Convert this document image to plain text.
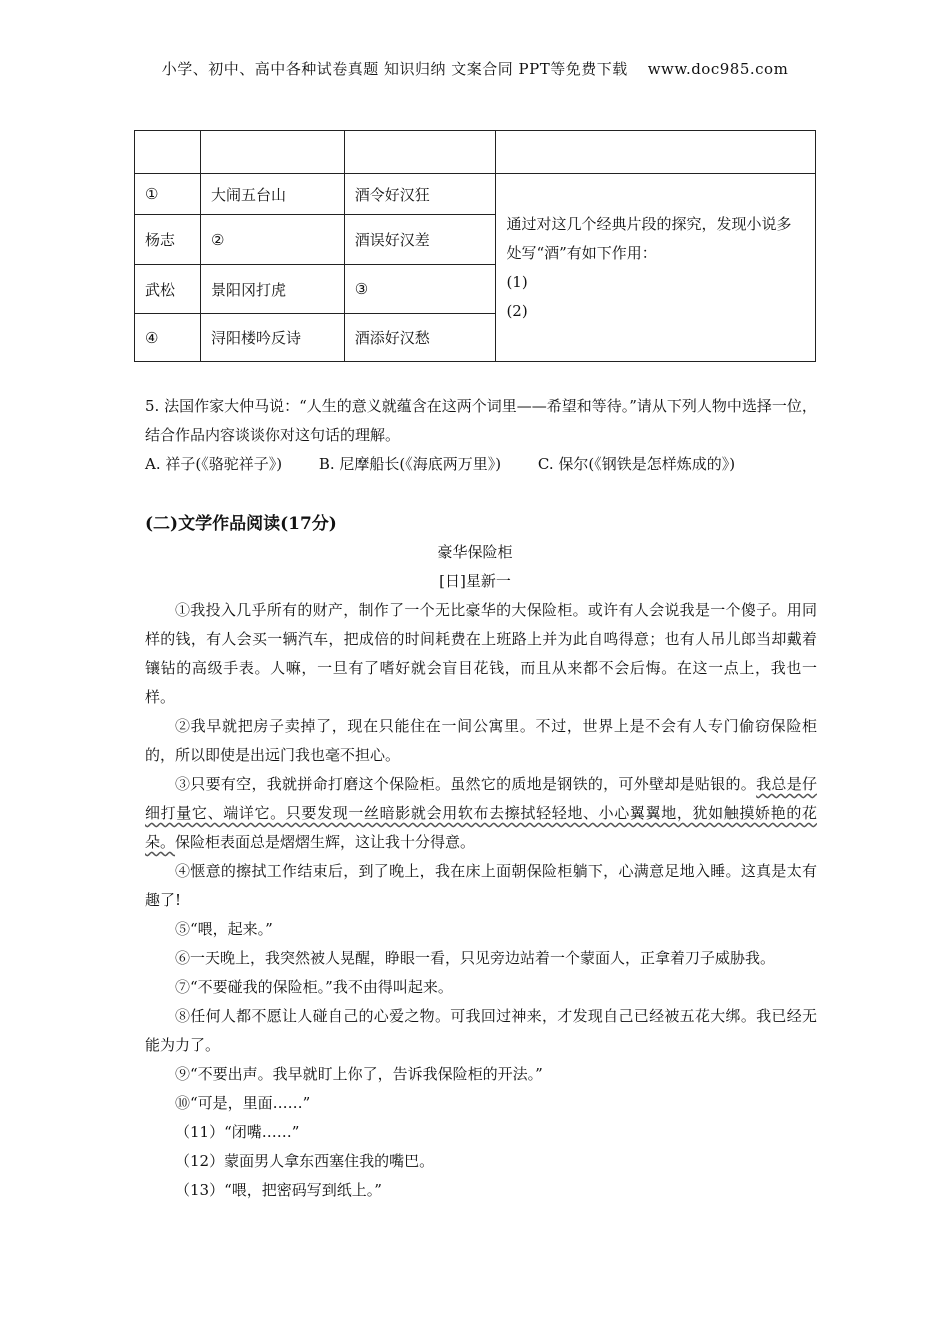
小学、初中、高中各种试卷真题 知识归纳 文案合同 PPT等免费下载 www.doc985.com

①	大闹五台山	酒令好汉狂	通过对这几个经典片段的探究，发现小说多处写“酒”有如下作用：
(1)
(2)

杨志	②	酒误好汉差	
武松	景阳冈打虎	③	
④	浔阳楼吟反诗	酒添好汉愁	
5. 法国作家大仲马说：“人生的意义就蕴含在这两个词里——希望和等待。”请从下列人物中选择一位，结合作品内容谈谈你对这句话的理解。
A. 祥子(《骆驼祥子》) B. 尼摩船长(《海底两万里》) C. 保尔(《钢铁是怎样炼成的》)
(二)文学作品阅读(17分)
豪华保险柜
[日]星新一

①我投入几乎所有的财产，制作了一个无比豪华的大保险柜。或许有人会说我是一个傻子。用同样的钱，有人会买一辆汽车，把成倍的时间耗费在上班路上并为此自鸣得意；也有人吊儿郎当却戴着镶钻的高级手表。人嘛，一旦有了嗜好就会盲目花钱，而且从来都不会后悔。在这一点上，我也一样。

②我早就把房子卖掉了，现在只能住在一间公寓里。不过，世界上是不会有人专门偷窃保险柜的，所以即使是出远门我也毫不担心。

③只要有空，我就拼命打磨这个保险柜。虽然它的质地是钢铁的，可外壁却是贴银的。我总是仔细打量它、端详它。只要发现一丝暗影就会用软布去擦拭轻轻地、小心翼翼地，犹如触摸娇艳的花朵。保险柜表面总是熠熠生辉，这让我十分得意。

④惬意的擦拭工作结束后，到了晚上，我在床上面朝保险柜躺下，心满意足地入睡。这真是太有趣了!

⑤“喂，起来。”

⑥一天晚上，我突然被人晃醒，睁眼一看，只见旁边站着一个蒙面人，正拿着刀子威胁我。

⑦“不要碰我的保险柜。”我不由得叫起来。

⑧任何人都不愿让人碰自己的心爱之物。可我回过神来，才发现自己已经被五花大绑。我已经无能为力了。

⑨“不要出声。我早就盯上你了，告诉我保险柜的开法。”

⑩“可是，里面……”

（11）“闭嘴……”

（12）蒙面男人拿东西塞住我的嘴巴。

（13）“喂，把密码写到纸上。”
